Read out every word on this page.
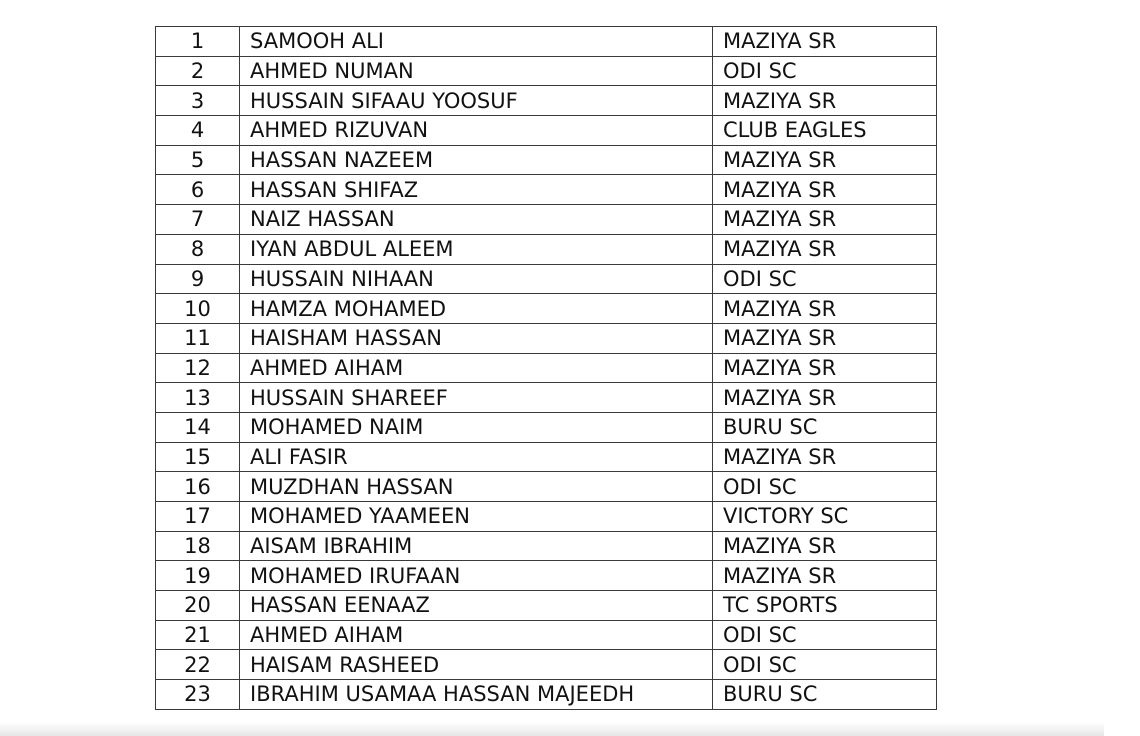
1	SAMOOH ALI	MAZIYA SR
2	AHMED NUMAN	ODI SC
3	HUSSAIN SIFAAU YOOSUF	MAZIYA SR
4	AHMED RIZUVAN	CLUB EAGLES
5	HASSAN NAZEEM	MAZIYA SR
6	HASSAN SHIFAZ	MAZIYA SR
7	NAIZ HASSAN	MAZIYA SR
8	IYAN ABDUL ALEEM	MAZIYA SR
9	HUSSAIN NIHAAN	ODI SC
10	HAMZA MOHAMED	MAZIYA SR
11	HAISHAM HASSAN	MAZIYA SR
12	AHMED AIHAM	MAZIYA SR
13	HUSSAIN SHAREEF	MAZIYA SR
14	MOHAMED NAIM	BURU SC
15	ALI FASIR	MAZIYA SR
16	MUZDHAN HASSAN	ODI SC
17	MOHAMED YAAMEEN	VICTORY SC
18	AISAM IBRAHIM	MAZIYA SR
19	MOHAMED IRUFAAN	MAZIYA SR
20	HASSAN EENAAZ	TC SPORTS
21	AHMED AIHAM	ODI SC
22	HAISAM RASHEED	ODI SC
23	IBRAHIM USAMAA HASSAN MAJEEDH	BURU SC
